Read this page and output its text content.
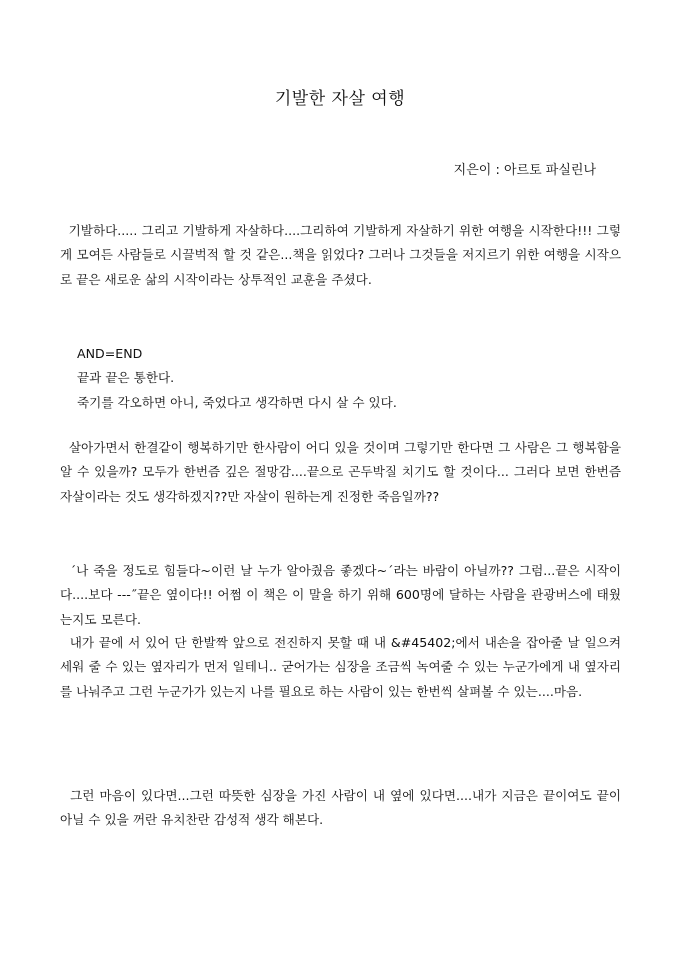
기발한 자살 여행
지은이 : 아르토 파실린나

기발하다..... 그리고 기발하게 자살하다....그리하여 기발하게 자살하기 위한 여행을 시작한다!!! 그렇게 모여든 사람들로 시끌벅적 할 것 같은...책을 읽었다? 그러나 그것들을 저지르기 위한 여행을 시작으로 끝은 새로운 삶의 시작이라는 상투적인 교훈을 주셨다.

AND=END
끝과 끝은 통한다.
죽기를 각오하면 아니, 죽었다고 생각하면 다시 살 수 있다.

살아가면서 한결같이 행복하기만 한사람이 어디 있을 것이며 그렇기만 한다면 그 사람은 그 행복함을 알 수 있을까? 모두가 한번즘 깊은 절망감....끝으로 곤두박질 치기도 할 것이다... 그러다 보면 한번즘 자살이라는 것도 생각하겠지??만 자살이 원하는게 진정한 죽음일까??

´나 죽을 정도로 힘들다~이런 날 누가 알아줬음 좋겠다~´라는 바람이 아닐까?? 그럼...끝은 시작이다....보다 ---˝끝은 옆이다!! 어쩜 이 책은 이 말을 하기 위해 600명에 달하는 사람을 관광버스에 태웠는지도 모른다.

내가 끝에 서 있어 단 한발짝 앞으로 전진하지 못할 때 내 &#45402;에서 내손을 잡아줄 날 일으켜 세워 줄 수 있는 옆자리가 먼저 일테니.. 굳어가는 심장을 조금씩 녹여줄 수 있는 누군가에게 내 옆자리를 나눠주고 그런 누군가가 있는지 나를 필요로 하는 사람이 있는 한번씩 살펴볼 수 있는....마음.

그런 마음이 있다면...그런 따뜻한 심장을 가진 사람이 내 옆에 있다면....내가 지금은 끝이여도 끝이 아닐 수 있을 꺼란 유치찬란 감성적 생각 해본다.
